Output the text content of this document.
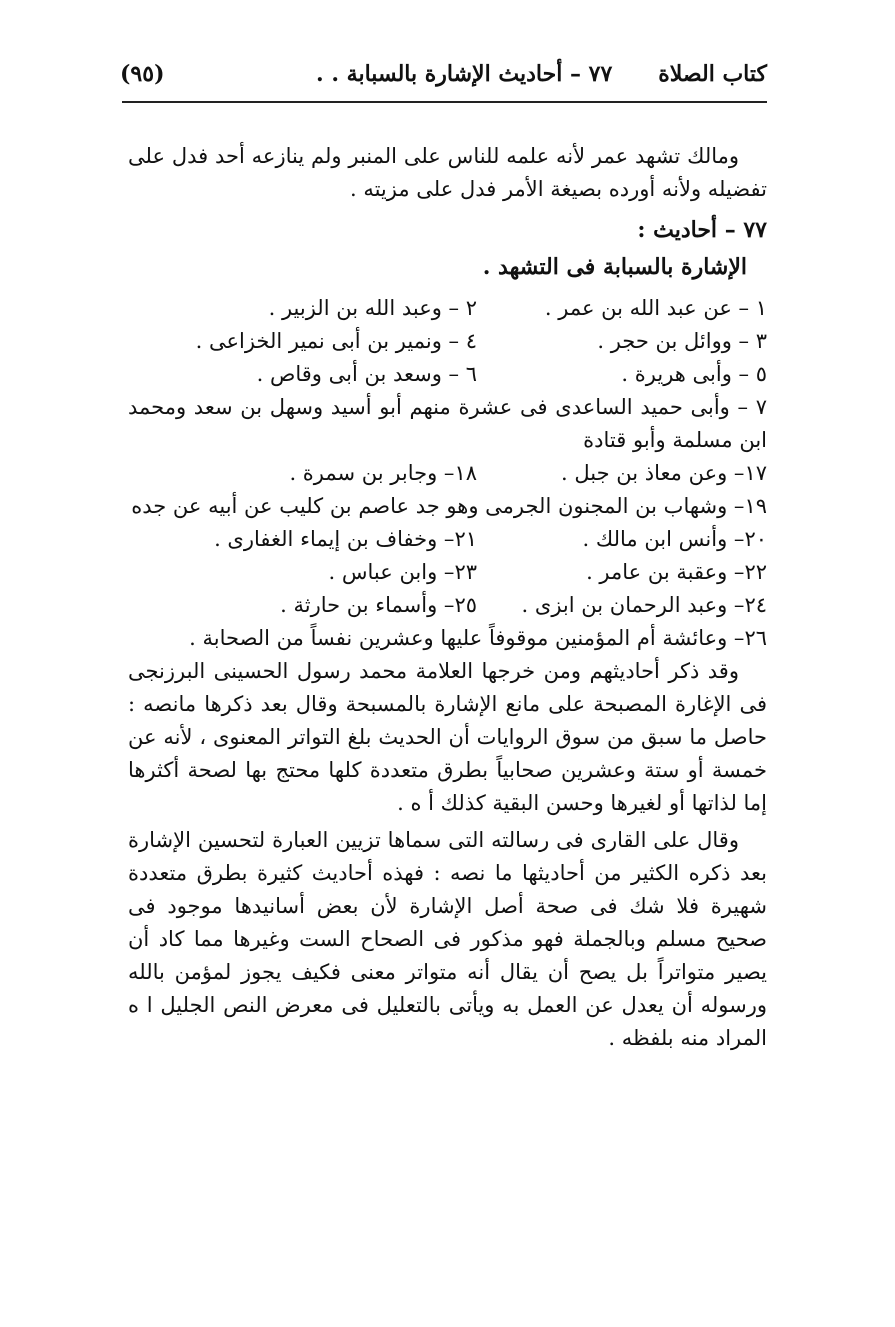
كتاب الصلاة
٧٧ – أحاديث الإشارة بالسبابة . .
(٩٥)

ومالك تشهد عمر لأنه علمه للناس على المنبر ولم ينازعه أحد فدل على تفضيله ولأنه أورده بصيغة الأمر فدل على مزيته .

٧٧ – أحاديث :
الإشارة بالسبابة فى التشهد .
١ – عن عبد الله بن عمر .
٢ – وعبد الله بن الزبير .
٣ – ووائل بن حجر .
٤ – ونمير بن أبى نمير الخزاعى .
٥ – وأبى هريرة .
٦ – وسعد بن أبى وقاص .

٧ – وأبى حميد الساعدى فى عشرة منهم أبو أسيد وسهل بن سعد ومحمد ابن مسلمة وأبو قتادة

١٧– وعن معاذ بن جبل .
١٨– وجابر بن سمرة .

١٩– وشهاب بن المجنون الجرمى وهو جد عاصم بن كليب عن أبيه عن جده

٢٠– وأنس ابن مالك .
٢١– وخفاف بن إيماء الغفارى .
٢٢– وعقبة بن عامر .
٢٣– وابن عباس .
٢٤– وعبد الرحمان بن ابزى .
٢٥– وأسماء بن حارثة .

٢٦– وعائشة أم المؤمنين موقوفاً عليها وعشرين نفساً من الصحابة .

وقد ذكر أحاديثهم ومن خرجها العلامة محمد رسول الحسينى البرزنجى فى الإغارة المصبحة على مانع الإشارة بالمسبحة وقال بعد ذكرها مانصه : حاصل ما سبق من سوق الروايات أن الحديث بلغ التواتر المعنوى ، لأنه عن خمسة أو ستة وعشرين صحابياً بطرق متعددة كلها محتج بها لصحة أكثرها إما لذاتها أو لغيرها وحسن البقية كذلك أ ه .

وقال على القارى فى رسالته التى سماها تزيين العبارة لتحسين الإشارة بعد ذكره الكثير من أحاديثها ما نصه : فهذه أحاديث كثيرة بطرق متعددة شهيرة فلا شك فى صحة أصل الإشارة لأن بعض أسانيدها موجود فى صحيح مسلم وبالجملة فهو مذكور فى الصحاح الست وغيرها مما كاد أن يصير متواتراً بل يصح أن يقال أنه متواتر معنى فكيف يجوز لمؤمن بالله ورسوله أن يعدل عن العمل به ويأتى بالتعليل فى معرض النص الجليل ا ه المراد منه بلفظه .
